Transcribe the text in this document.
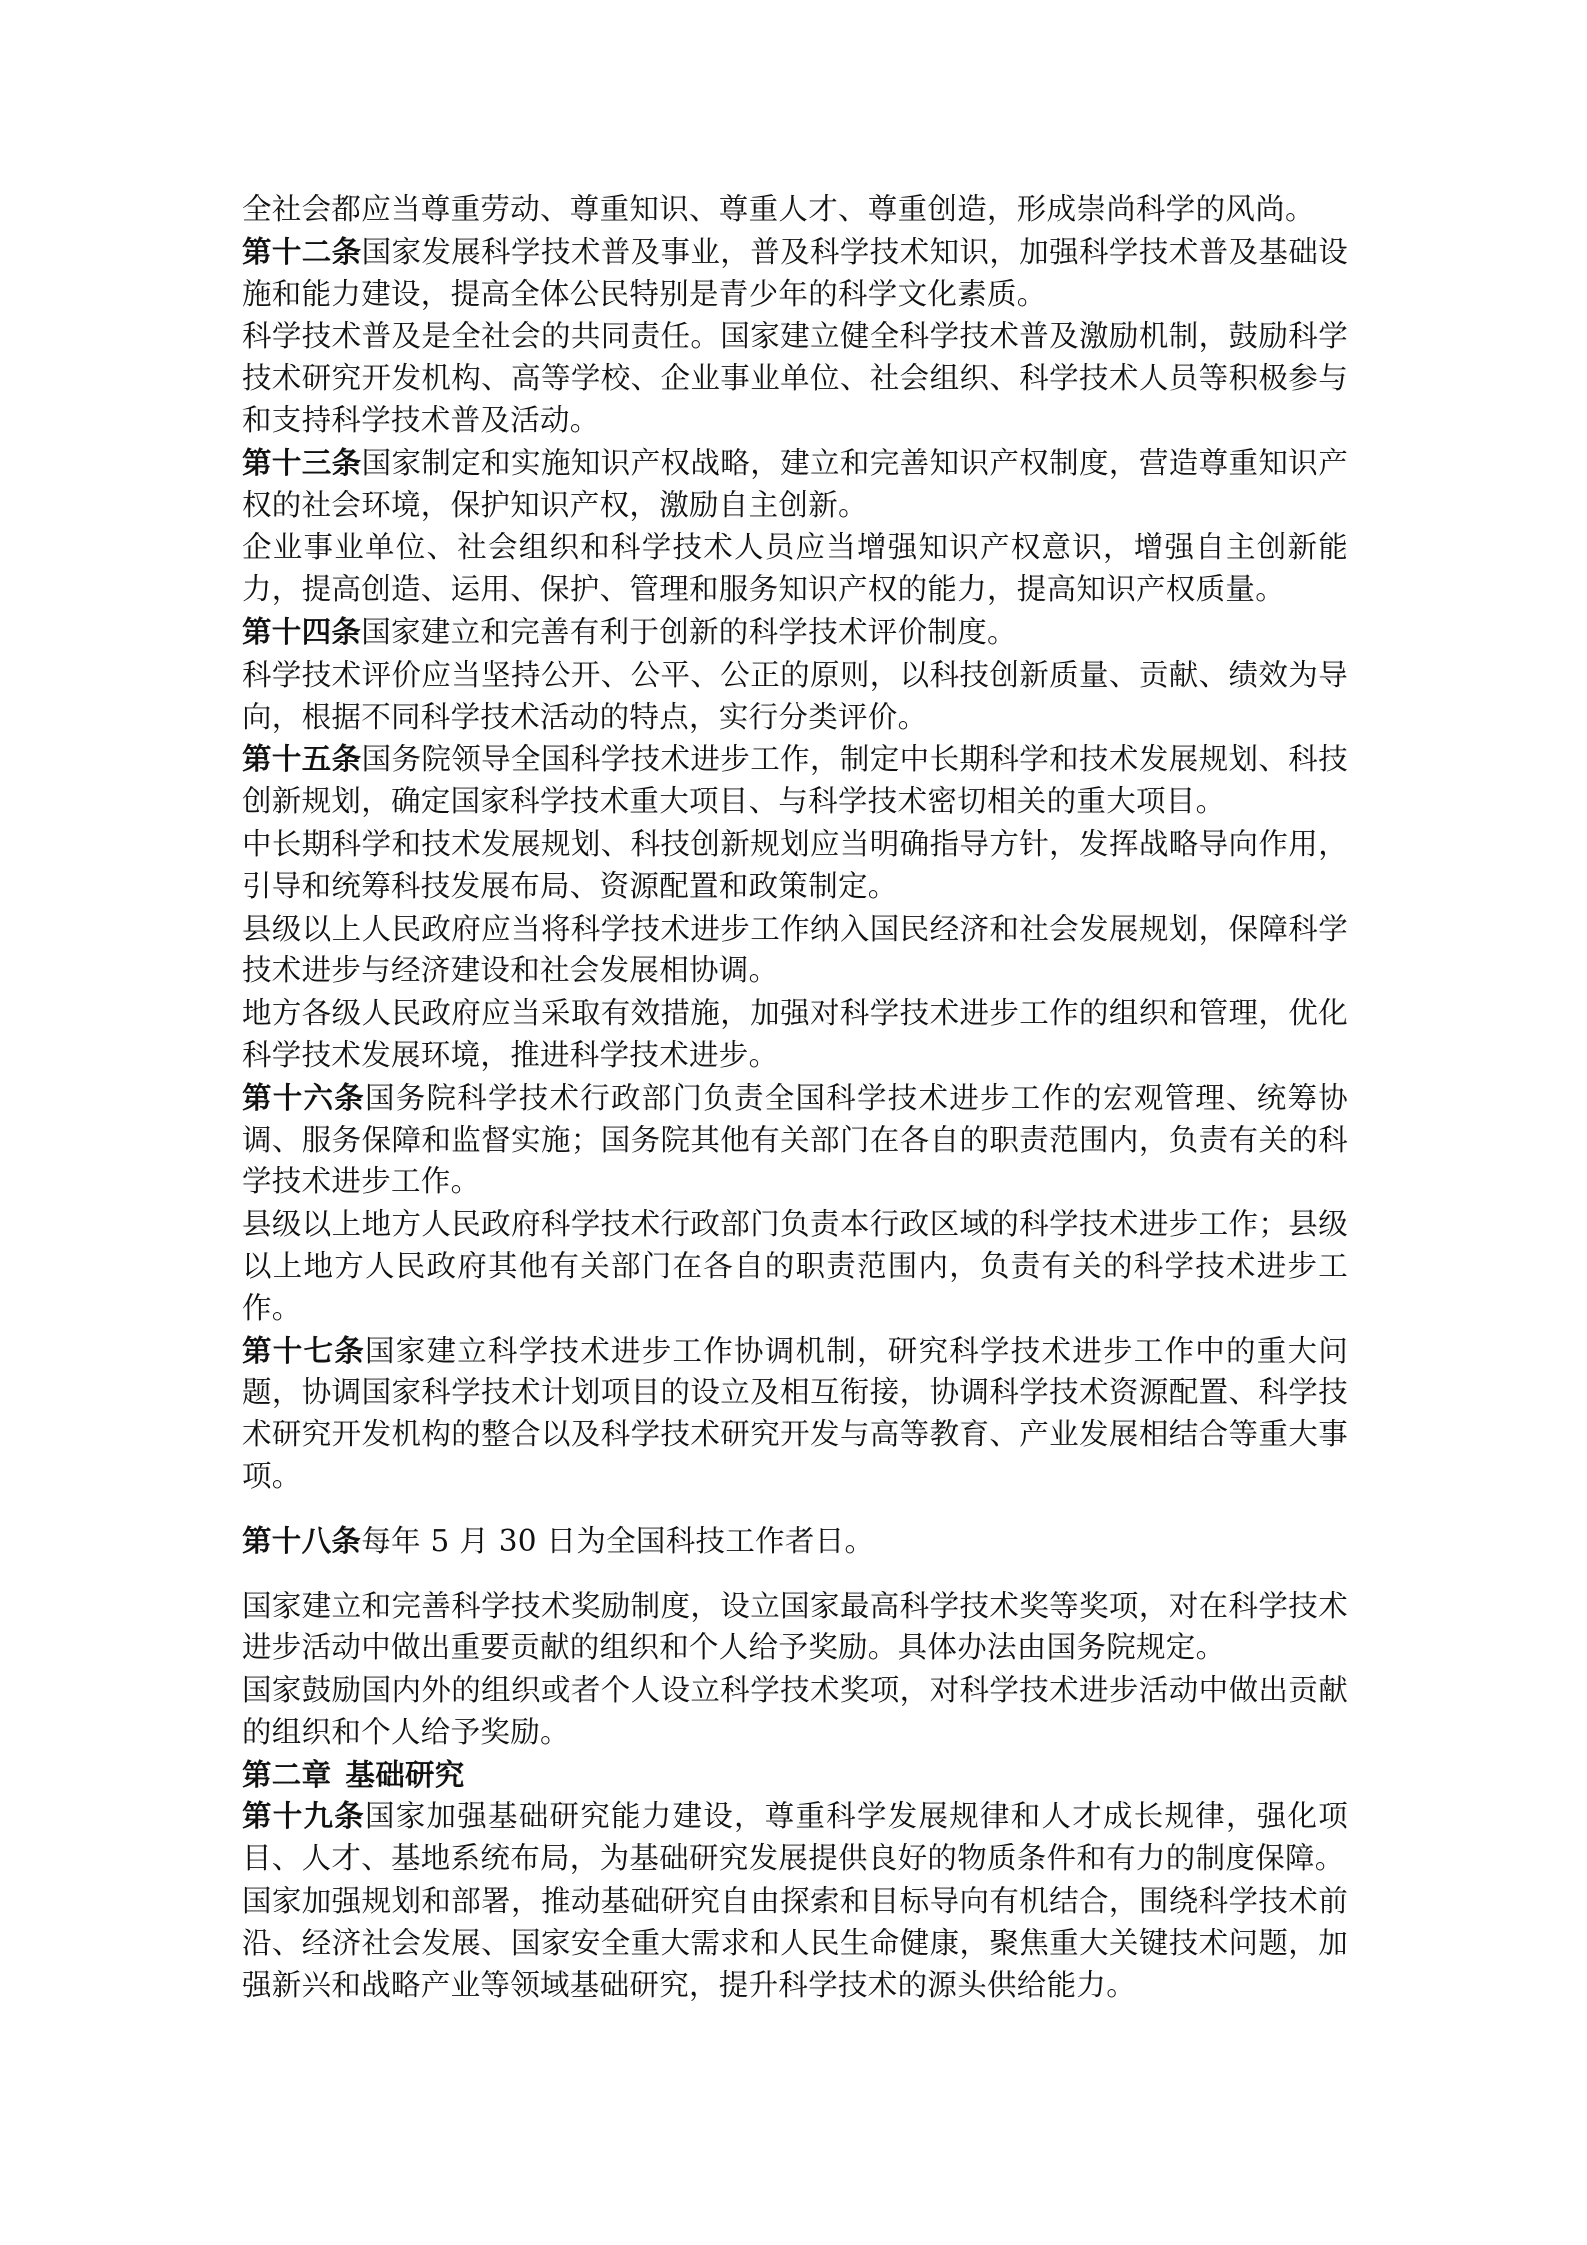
全社会都应当尊重劳动、尊重知识、尊重人才、尊重创造，形成崇尚科学的风尚。

第十二条国家发展科学技术普及事业，普及科学技术知识，加强科学技术普及基础设施和能力建设，提高全体公民特别是青少年的科学文化素质。

科学技术普及是全社会的共同责任。国家建立健全科学技术普及激励机制，鼓励科学技术研究开发机构、高等学校、企业事业单位、社会组织、科学技术人员等积极参与和支持科学技术普及活动。

第十三条国家制定和实施知识产权战略，建立和完善知识产权制度，营造尊重知识产权的社会环境，保护知识产权，激励自主创新。

企业事业单位、社会组织和科学技术人员应当增强知识产权意识，增强自主创新能力，提高创造、运用、保护、管理和服务知识产权的能力，提高知识产权质量。

第十四条国家建立和完善有利于创新的科学技术评价制度。

科学技术评价应当坚持公开、公平、公正的原则，以科技创新质量、贡献、绩效为导向，根据不同科学技术活动的特点，实行分类评价。

第十五条国务院领导全国科学技术进步工作，制定中长期科学和技术发展规划、科技创新规划，确定国家科学技术重大项目、与科学技术密切相关的重大项目。

中长期科学和技术发展规划、科技创新规划应当明确指导方针，发挥战略导向作用，引导和统筹科技发展布局、资源配置和政策制定。

县级以上人民政府应当将科学技术进步工作纳入国民经济和社会发展规划，保障科学技术进步与经济建设和社会发展相协调。

地方各级人民政府应当采取有效措施，加强对科学技术进步工作的组织和管理，优化科学技术发展环境，推进科学技术进步。

第十六条国务院科学技术行政部门负责全国科学技术进步工作的宏观管理、统筹协调、服务保障和监督实施；国务院其他有关部门在各自的职责范围内，负责有关的科学技术进步工作。

县级以上地方人民政府科学技术行政部门负责本行政区域的科学技术进步工作；县级以上地方人民政府其他有关部门在各自的职责范围内，负责有关的科学技术进步工作。

第十七条国家建立科学技术进步工作协调机制，研究科学技术进步工作中的重大问题，协调国家科学技术计划项目的设立及相互衔接，协调科学技术资源配置、科学技术研究开发机构的整合以及科学技术研究开发与高等教育、产业发展相结合等重大事项。

第十八条每年 5 月 30 日为全国科技工作者日。

国家建立和完善科学技术奖励制度，设立国家最高科学技术奖等奖项，对在科学技术进步活动中做出重要贡献的组织和个人给予奖励。具体办法由国务院规定。

国家鼓励国内外的组织或者个人设立科学技术奖项，对科学技术进步活动中做出贡献的组织和个人给予奖励。

第二章 基础研究

第十九条国家加强基础研究能力建设，尊重科学发展规律和人才成长规律，强化项目、人才、基地系统布局，为基础研究发展提供良好的物质条件和有力的制度保障。

国家加强规划和部署，推动基础研究自由探索和目标导向有机结合，围绕科学技术前沿、经济社会发展、国家安全重大需求和人民生命健康，聚焦重大关键技术问题，加强新兴和战略产业等领域基础研究，提升科学技术的源头供给能力。
